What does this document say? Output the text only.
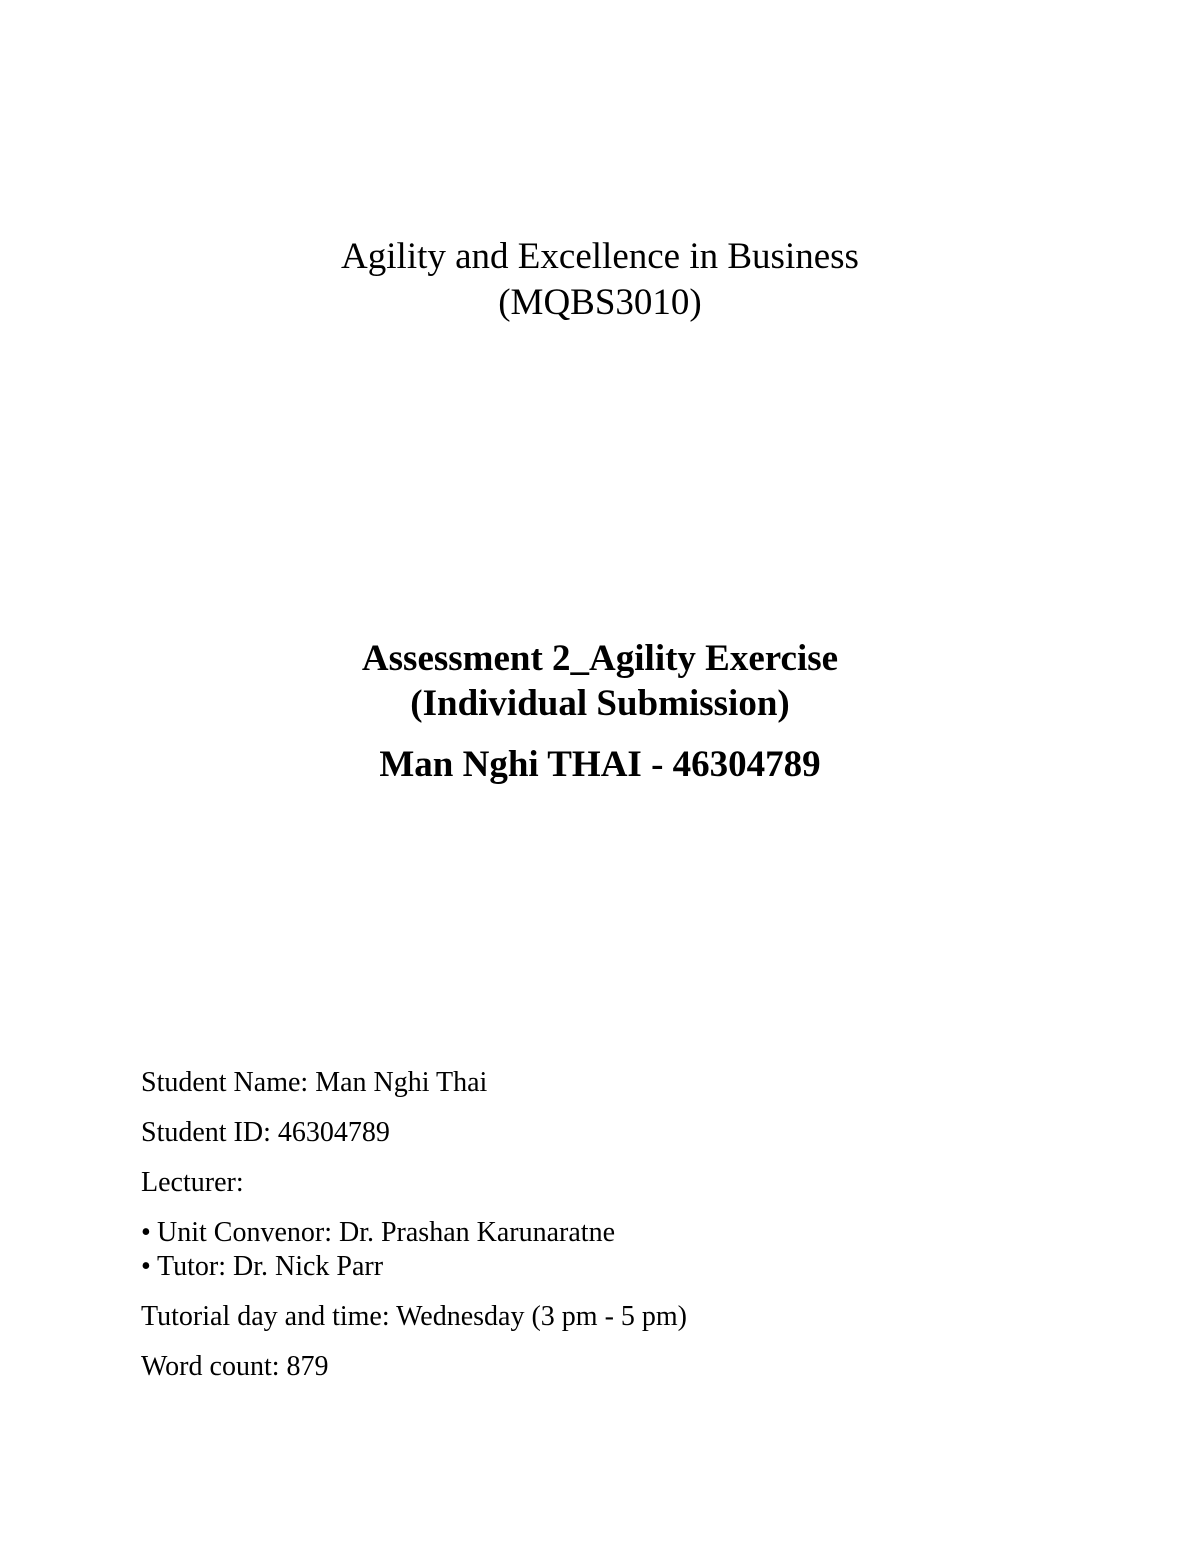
Agility and Excellence in Business
(MQBS3010)
Assessment 2_Agility Exercise
(Individual Submission)
Man Nghi THAI - 46304789
Student Name: Man Nghi Thai
Student ID: 46304789
Lecturer:
• Unit Convenor: Dr. Prashan Karunaratne
• Tutor: Dr. Nick Parr
Tutorial day and time: Wednesday (3 pm - 5 pm)
Word count: 879
